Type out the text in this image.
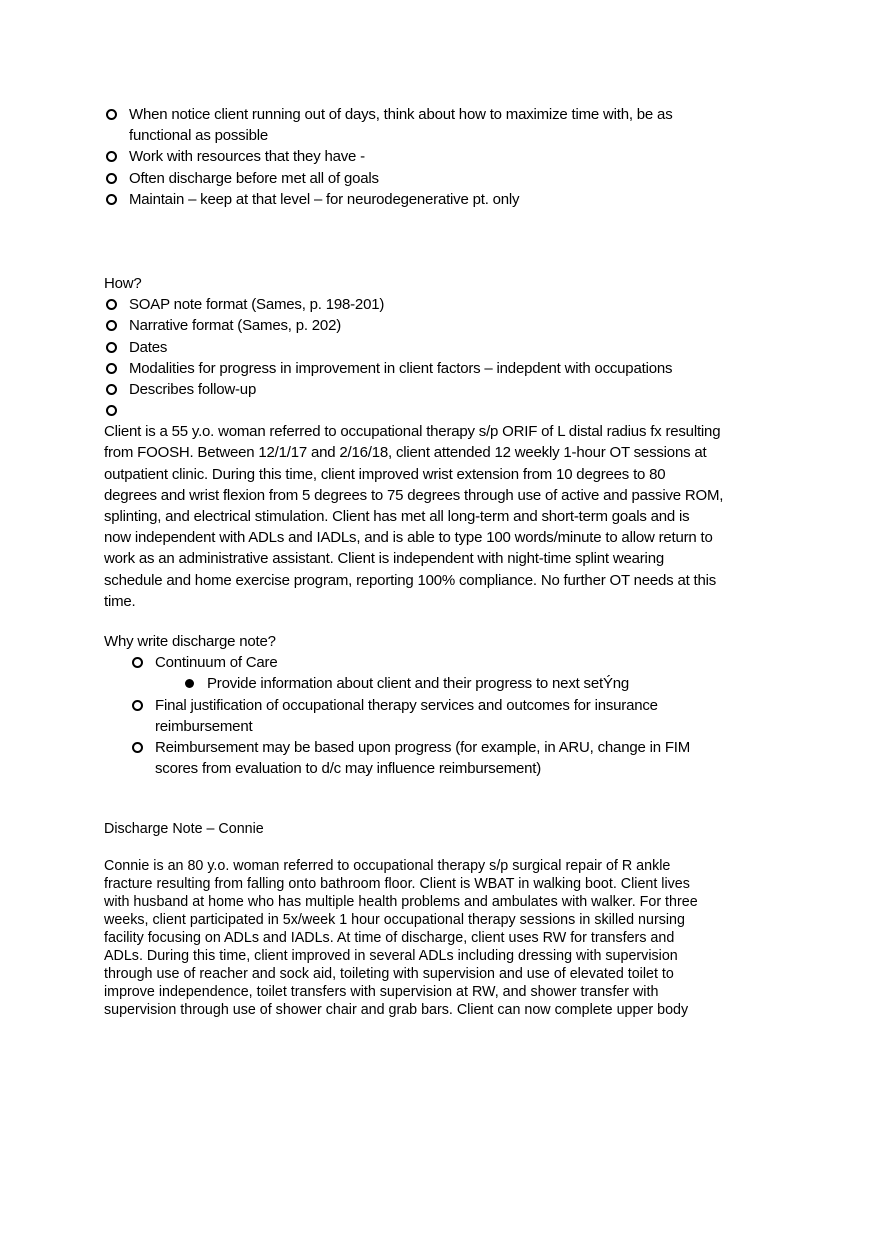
When notice client running out of days, think about how to maximize time with, be as
functional as possible
Work with resources that they have -
Often discharge before met all of goals
Maintain – keep at that level – for neurodegenerative pt. only
How?
SOAP note format (Sames, p. 198-201)
Narrative format (Sames, p. 202)
Dates
Modalities for progress in improvement in client factors – indepdent with occupations
Describes follow-up
Client is a 55 y.o. woman referred to occupational therapy s/p ORIF of L distal radius fx resulting
from FOOSH. Between 12/1/17 and 2/16/18, client attended 12 weekly 1-hour OT sessions at
outpatient clinic. During this time, client improved wrist extension from 10 degrees to 80
degrees and wrist flexion from 5 degrees to 75 degrees through use of active and passive ROM,
splinting, and electrical stimulation. Client has met all long-term and short-term goals and is
now independent with ADLs and IADLs, and is able to type 100 words/minute to allow return to
work as an administrative assistant. Client is independent with night-time splint wearing
schedule and home exercise program, reporting 100% compliance. No further OT needs at this
time.
Why write discharge note?
Continuum of Care
Provide information about client and their progress to next setÝng
Final justification of occupational therapy services and outcomes for insurance
reimbursement
Reimbursement may be based upon progress (for example, in ARU, change in FIM
scores from evaluation to d/c may influence reimbursement)
Discharge Note – Connie
Connie is an 80 y.o. woman referred to occupational therapy s/p surgical repair of R ankle
fracture resulting from falling onto bathroom floor. Client is WBAT in walking boot. Client lives
with husband at home who has multiple health problems and ambulates with walker. For three
weeks, client participated in 5x/week 1 hour occupational therapy sessions in skilled nursing
facility focusing on ADLs and IADLs. At time of discharge, client uses RW for transfers and
ADLs. During this time, client improved in several ADLs including dressing with supervision
through use of reacher and sock aid, toileting with supervision and use of elevated toilet to
improve independence, toilet transfers with supervision at RW, and shower transfer with
supervision through use of shower chair and grab bars. Client can now complete upper body
